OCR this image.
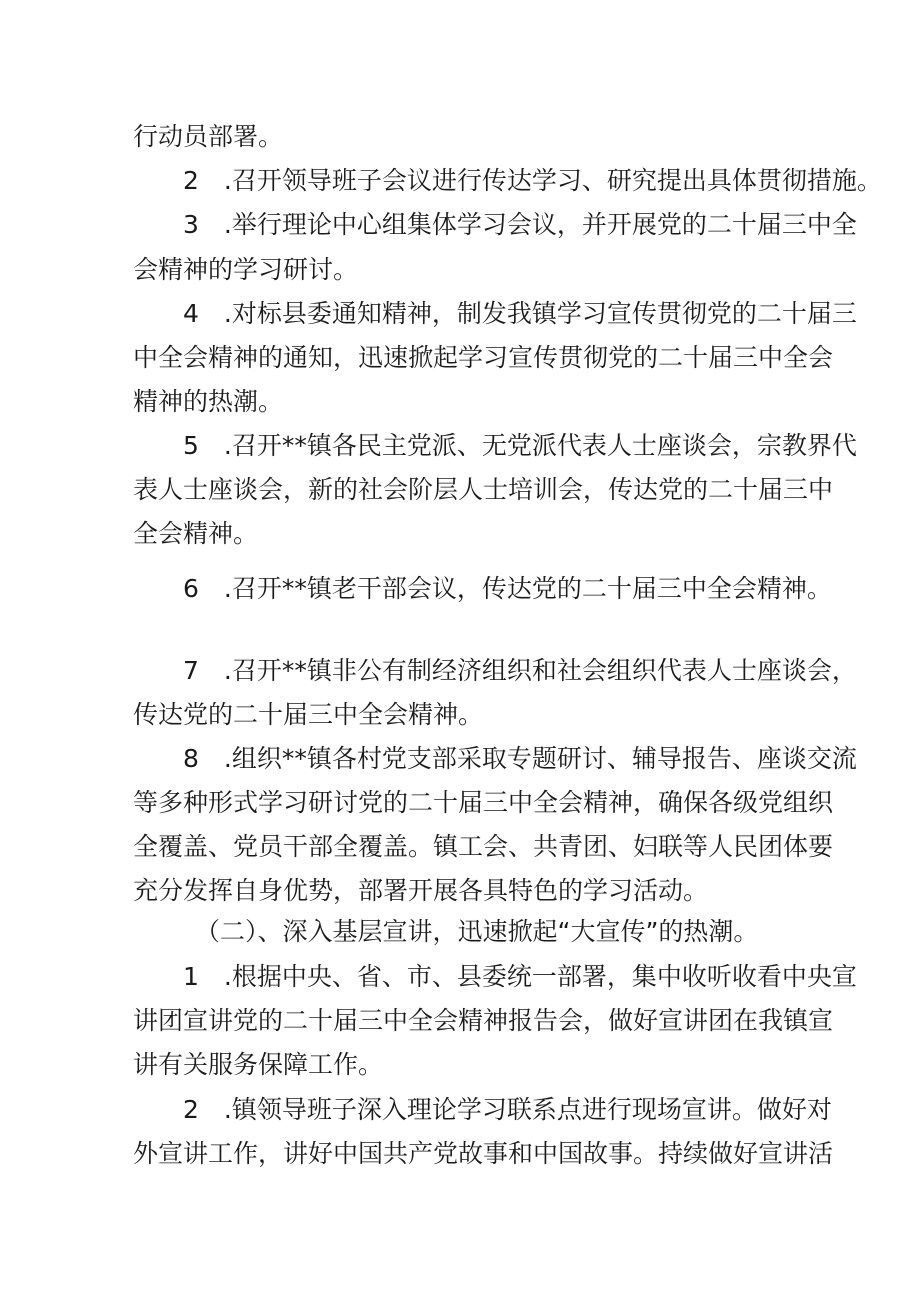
行动员部署。

2　.召开领导班子会议进行传达学习、研究提出具体贯彻措施。

3　.举行理论中心组集体学习会议，并开展党的二十届三中全

会精神的学习研讨。

4　.对标县委通知精神，制发我镇学习宣传贯彻党的二十届三

中全会精神的通知，迅速掀起学习宣传贯彻党的二十届三中全会

精神的热潮。

5　.召开**镇各民主党派、无党派代表人士座谈会，宗教界代

表人士座谈会，新的社会阶层人士培训会，传达党的二十届三中

全会精神。

6　.召开**镇老干部会议，传达党的二十届三中全会精神。

7　.召开**镇非公有制经济组织和社会组织代表人士座谈会，

传达党的二十届三中全会精神。

8　.组织**镇各村党支部采取专题研讨、辅导报告、座谈交流

等多种形式学习研讨党的二十届三中全会精神，确保各级党组织

全覆盖、党员干部全覆盖。镇工会、共青团、妇联等人民团体要

充分发挥自身优势，部署开展各具特色的学习活动。

（二）、深入基层宣讲，迅速掀起“大宣传”的热潮。

1　.根据中央、省、市、县委统一部署，集中收听收看中央宣

讲团宣讲党的二十届三中全会精神报告会，做好宣讲团在我镇宣

讲有关服务保障工作。

2　.镇领导班子深入理论学习联系点进行现场宣讲。做好对

外宣讲工作，讲好中国共产党故事和中国故事。持续做好宣讲活
